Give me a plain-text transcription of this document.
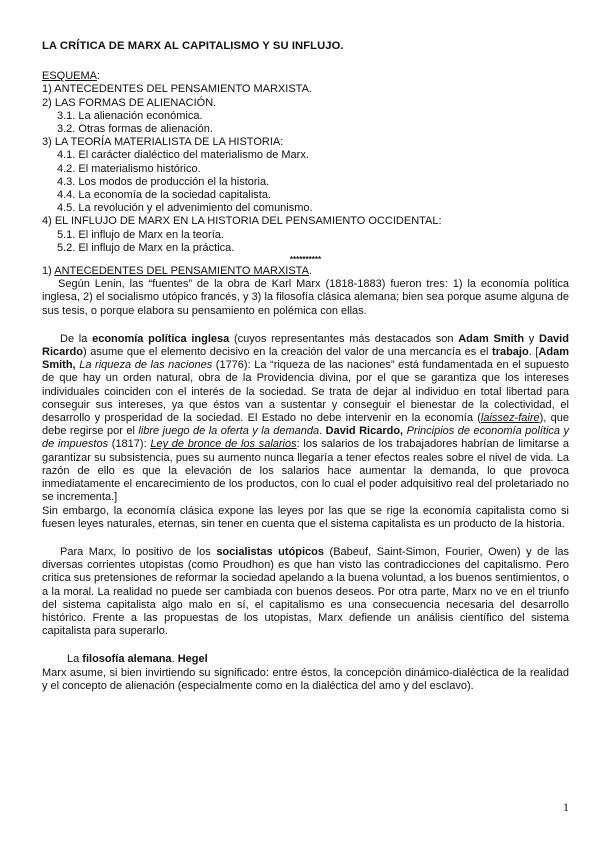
LA CRÍTICA DE MARX AL CAPITALISMO Y SU INFLUJO.
ESQUEMA:
1) ANTECEDENTES DEL PENSAMIENTO MARXISTA.
2) LAS FORMAS DE ALIENACIÓN.
3.1. La alienación económica.
3.2. Otras formas de alienación.
3) LA TEORÍA MATERIALISTA DE LA HISTORIA:
4.1. El carácter dialéctico del materialismo de Marx.
4.2. El materialismo histórico.
4.3. Los modos de producción el la historia.
4.4. La economía de la sociedad capitalista.
4.5. La revolución y el advenimiento del comunismo.
4) EL INFLUJO DE MARX EN LA HISTORIA DEL PENSAMIENTO OCCIDENTAL:
5.1. El influjo de Marx en la teoría.
5.2. El influjo de Marx en la práctica.
**********
1) ANTECEDENTES DEL PENSAMIENTO MARXISTA.

Según Lenin, las “fuentes” de la obra de Karl Marx (1818-1883) fueron tres: 1) la economía política inglesa, 2) el socialismo utópico francés, y 3) la filosofía clásica alemana; bien sea porque asume alguna de sus tesis, o porque elabora su pensamiento en polémica con ellas.

De la economía política inglesa (cuyos representantes más destacados son Adam Smith y David Ricardo) asume que el elemento decisivo en la creación del valor de una mercancía es el trabajo. [Adam Smith, La riqueza de las naciones (1776): La “riqueza de las naciones” está fundamentada en el supuesto de que hay un orden natural, obra de la Providencia divina, por el que se garantiza que los intereses individuales coinciden con el interés de la sociedad. Se trata de dejar al individuo en total libertad para conseguir sus intereses, ya que éstos van a sustentar y conseguir el bienestar de la colectividad, el desarrollo y prosperidad de la sociedad. El Estado no debe intervenir en la economía (laissez-faire), que debe regirse por el libre juego de la oferta y la demanda. David Ricardo, Principios de economía política y de impuestos (1817): Ley de bronce de los salarios: los salarios de los trabajadores habrían de limitarse a garantizar su subsistencia, pues su aumento nunca llegaría a tener efectos reales sobre el nivel de vida. La razón de ello es que la elevación de los salarios hace aumentar la demanda, lo que provoca inmediatamente el encarecimiento de los productos, con lo cual el poder adquisitivo real del proletariado no se incrementa.]

Sin embargo, la economía clásica expone las leyes por las que se rige la economía capitalista como si fuesen leyes naturales, eternas, sin tener en cuenta que el sistema capitalista es un producto de la historia.

Para Marx, lo positivo de los socialistas utópicos (Babeuf, Saint-Simon, Fourier, Owen) y de las diversas corrientes utopistas (como Proudhon) es que han visto las contradicciones del capitalismo. Pero critica sus pretensiones de reformar la sociedad apelando a la buena voluntad, a los buenos sentimientos, o a la moral. La realidad no puede ser cambiada con buenos deseos. Por otra parte, Marx no ve en el triunfo del sistema capitalista algo malo en sí, el capitalismo es una consecuencia necesaria del desarrollo histórico. Frente a las propuestas de los utopistas, Marx defiende un análisis científico del sistema capitalista para superarlo.

La filosofía alemana. Hegel

Marx asume, si bien invirtiendo su significado: entre éstos, la concepción dinámico-dialéctica de la realidad y el concepto de alienación (especialmente como en la dialéctica del amo y del esclavo).

1
